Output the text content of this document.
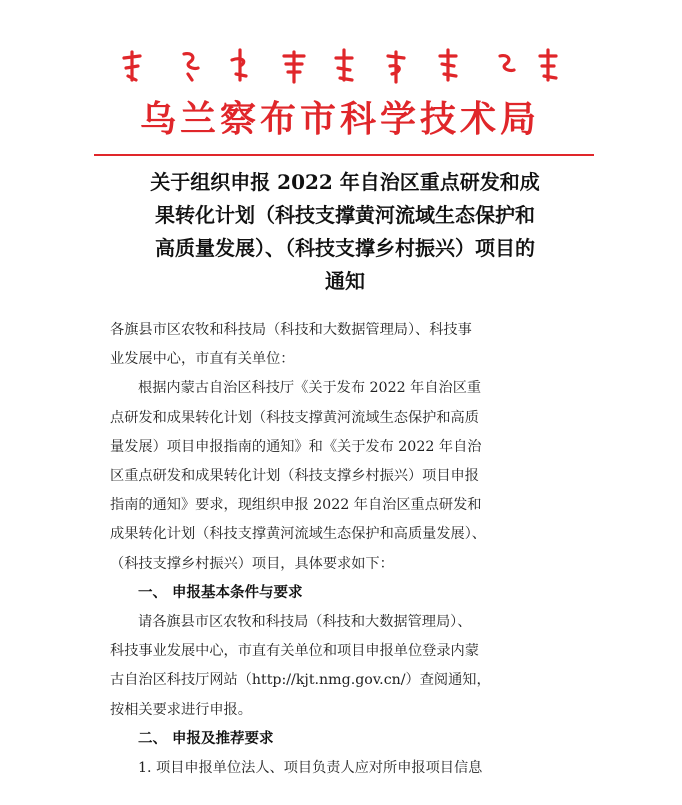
乌兰察布市科学技术局
关于组织申报 2022 年自治区重点研发和成
果转化计划（科技支撑黄河流域生态保护和
高质量发展）、（科技支撑乡村振兴）项目的
通知
各旗县市区农牧和科技局（科技和大数据管理局）、科技事
业发展中心，市直有关单位：
根据内蒙古自治区科技厅《关于发布 2022 年自治区重
点研发和成果转化计划（科技支撑黄河流域生态保护和高质
量发展）项目申报指南的通知》和《关于发布 2022 年自治
区重点研发和成果转化计划（科技支撑乡村振兴）项目申报
指南的通知》要求，现组织申报 2022 年自治区重点研发和
成果转化计划（科技支撑黄河流域生态保护和高质量发展）、
（科技支撑乡村振兴）项目，具体要求如下：
一、 申报基本条件与要求
请各旗县市区农牧和科技局（科技和大数据管理局）、
科技事业发展中心，市直有关单位和项目申报单位登录内蒙
古自治区科技厅网站（http://kjt.nmg.gov.cn/）查阅通知，
按相关要求进行申报。
二、 申报及推荐要求
1. 项目申报单位法人、项目负责人应对所申报项目信息
